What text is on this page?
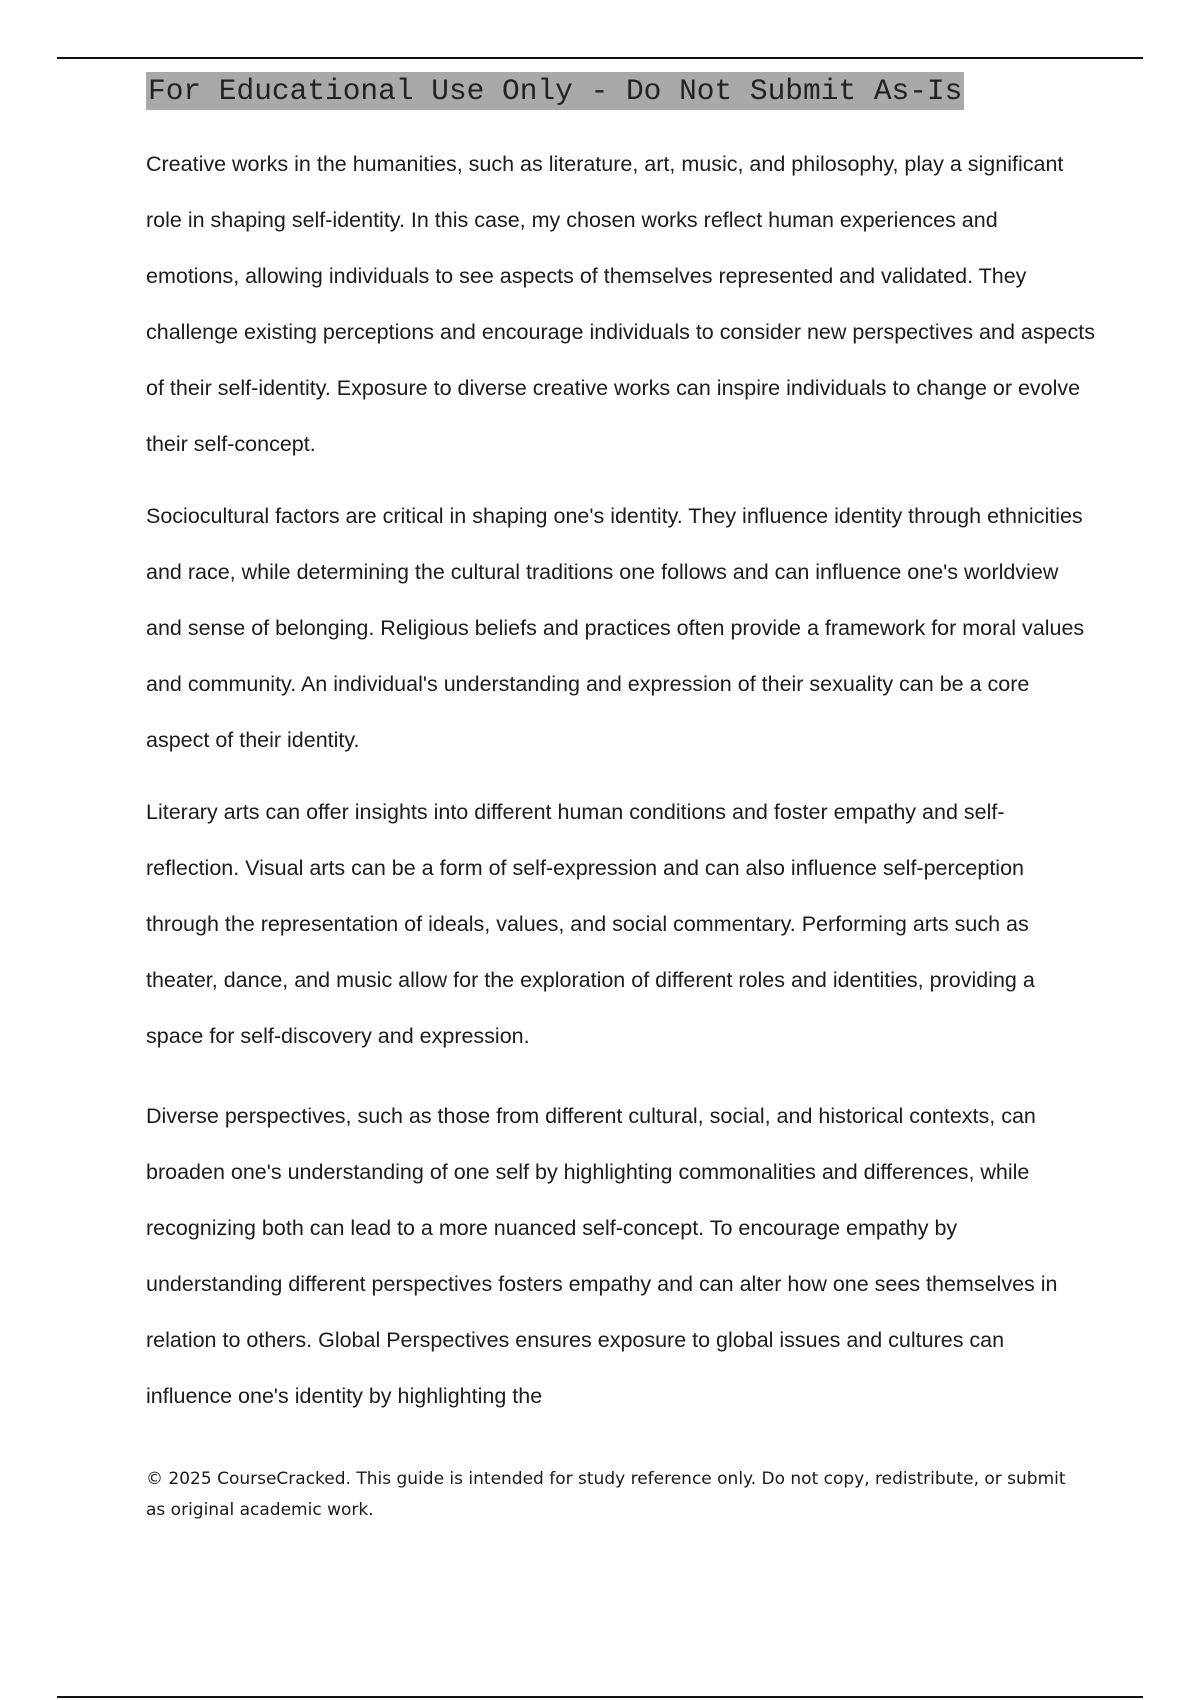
For Educational Use Only - Do Not Submit As-Is

Creative works in the humanities, such as literature, art, music, and philosophy, play a significant role in shaping self-identity. In this case, my chosen works reflect human experiences and emotions, allowing individuals to see aspects of themselves represented and validated. They challenge existing perceptions and encourage individuals to consider new perspectives and aspects of their self-identity. Exposure to diverse creative works can inspire individuals to change or evolve their self-concept.

Sociocultural factors are critical in shaping one's identity. They influence identity through ethnicities and race, while determining the cultural traditions one follows and can influence one's worldview and sense of belonging. Religious beliefs and practices often provide a framework for moral values and community. An individual's understanding and expression of their sexuality can be a core aspect of their identity.

Literary arts can offer insights into different human conditions and foster empathy and self-reflection. Visual arts can be a form of self-expression and can also influence self-perception through the representation of ideals, values, and social commentary. Performing arts such as theater, dance, and music allow for the exploration of different roles and identities, providing a space for self-discovery and expression.

Diverse perspectives, such as those from different cultural, social, and historical contexts, can broaden one's understanding of one self by highlighting commonalities and differences, while recognizing both can lead to a more nuanced self-concept. To encourage empathy by understanding different perspectives fosters empathy and can alter how one sees themselves in relation to others. Global Perspectives ensures exposure to global issues and cultures can influence one's identity by highlighting the

© 2025 CourseCracked. This guide is intended for study reference only. Do not copy, redistribute, or submit as original academic work.
